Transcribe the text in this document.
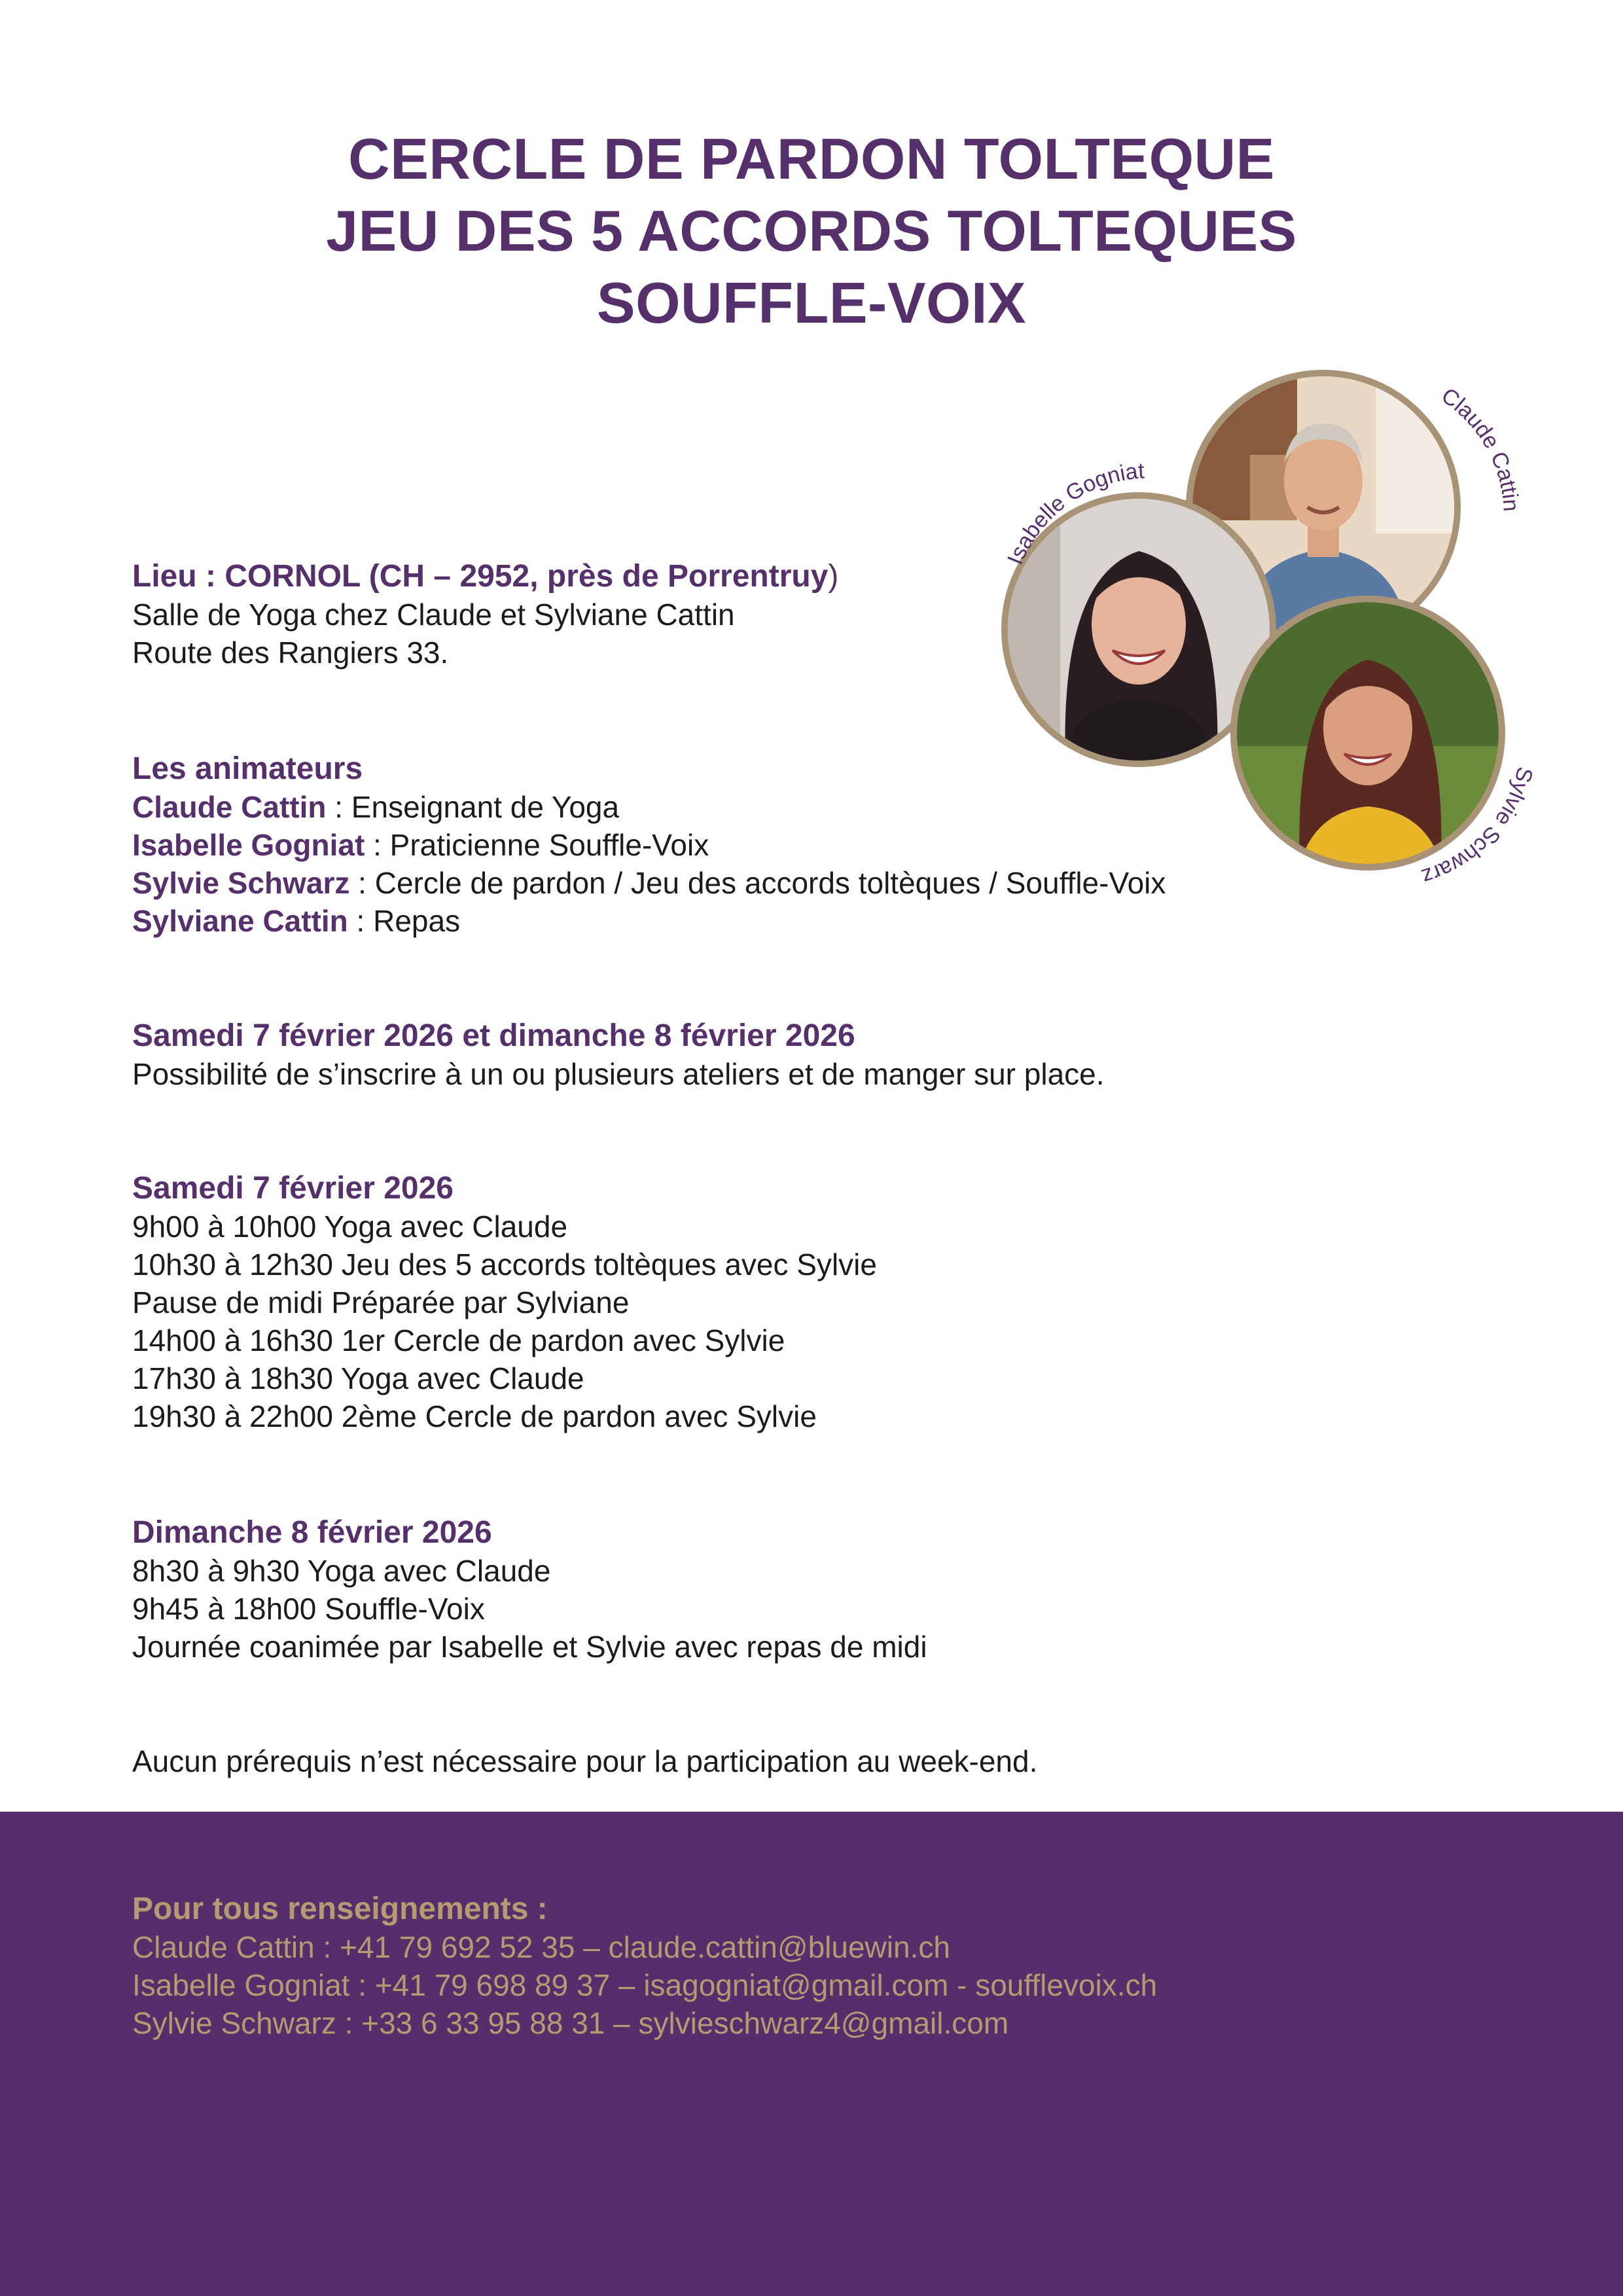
CERCLE DE PARDON TOLTEQUE
JEU DES 5 ACCORDS TOLTEQUES
SOUFFLE-VOIX
Isabelle Gogniat
Claude Cattin
Sylvie Schwarz
Lieu : CORNOL (CH – 2952, près de Porrentruy)
Salle de Yoga chez Claude et Sylviane Cattin
Route des Rangiers 33.
Les animateurs
Claude Cattin : Enseignant de Yoga
Isabelle Gogniat : Praticienne Souffle-Voix
Sylvie Schwarz : Cercle de pardon / Jeu des accords toltèques / Souffle-Voix
Sylviane Cattin : Repas
Samedi 7 février 2026 et dimanche 8 février 2026
Possibilité de s’inscrire à un ou plusieurs ateliers et de manger sur place.
Samedi 7 février 2026
9h00 à 10h00 Yoga avec Claude
10h30 à 12h30 Jeu des 5 accords toltèques avec Sylvie
Pause de midi Préparée par Sylviane
14h00 à 16h30 1er Cercle de pardon avec Sylvie
17h30 à 18h30 Yoga avec Claude
19h30 à 22h00 2ème Cercle de pardon avec Sylvie
Dimanche 8 février 2026
8h30 à 9h30 Yoga avec Claude
9h45 à 18h00 Souffle-Voix
Journée coanimée par Isabelle et Sylvie avec repas de midi
Aucun prérequis n’est nécessaire pour la participation au week-end.
Pour tous renseignements :
Claude Cattin : +41 79 692 52 35 – claude.cattin@bluewin.ch
Isabelle Gogniat : +41 79 698 89 37 – isagogniat@gmail.com - soufflevoix.ch
Sylvie Schwarz : +33 6 33 95 88 31 – sylvieschwarz4@gmail.com
